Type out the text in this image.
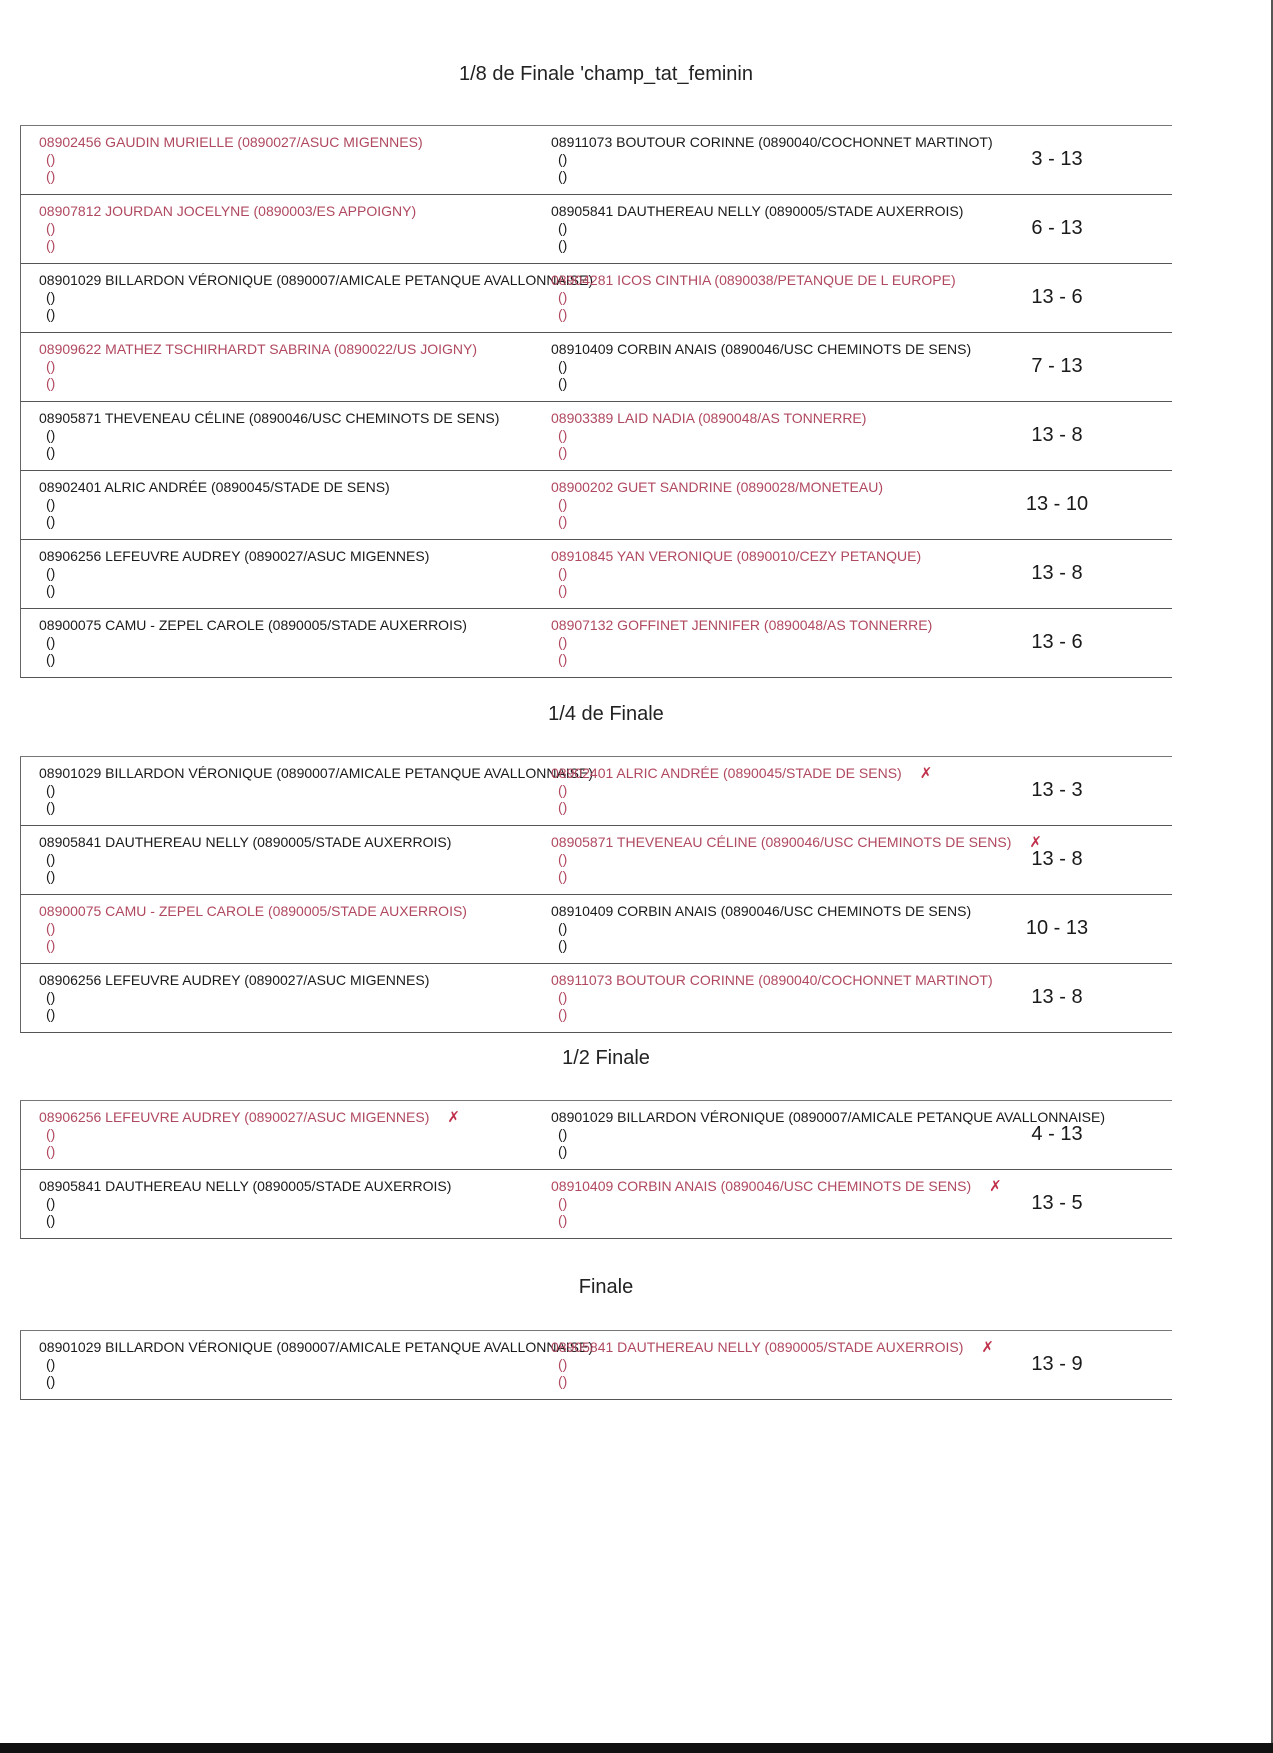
1/8 de Finale 'champ_tat_feminin
08902456 GAUDIN MURIELLE (0890027/ASUC MIGENNES)
()
()
08911073 BOUTOUR CORINNE (0890040/COCHONNET MARTINOT)
()
()
3 - 13
08907812 JOURDAN JOCELYNE (0890003/ES APPOIGNY)
()
()
08905841 DAUTHEREAU NELLY (0890005/STADE AUXERROIS)
()
()
6 - 13
08901029 BILLARDON VÉRONIQUE (0890007/AMICALE PETANQUE AVALLONNAISE)
()
()
08904281 ICOS CINTHIA (0890038/PETANQUE DE L EUROPE)
()
()
13 - 6
08909622 MATHEZ TSCHIRHARDT SABRINA (0890022/US JOIGNY)
()
()
08910409 CORBIN ANAIS (0890046/USC CHEMINOTS DE SENS)
()
()
7 - 13
08905871 THEVENEAU CÉLINE (0890046/USC CHEMINOTS DE SENS)
()
()
08903389 LAID NADIA (0890048/AS TONNERRE)
()
()
13 - 8
08902401 ALRIC ANDRÉE (0890045/STADE DE SENS)
()
()
08900202 GUET SANDRINE (0890028/MONETEAU)
()
()
13 - 10
08906256 LEFEUVRE AUDREY (0890027/ASUC MIGENNES)
()
()
08910845 YAN VERONIQUE (0890010/CEZY PETANQUE)
()
()
13 - 8
08900075 CAMU - ZEPEL CAROLE (0890005/STADE AUXERROIS)
()
()
08907132 GOFFINET JENNIFER (0890048/AS TONNERRE)
()
()
13 - 6
1/4 de Finale
08901029 BILLARDON VÉRONIQUE (0890007/AMICALE PETANQUE AVALLONNAISE)
()
()
08902401 ALRIC ANDRÉE (0890045/STADE DE SENS) ✗
()
()
13 - 3
08905841 DAUTHEREAU NELLY (0890005/STADE AUXERROIS)
()
()
08905871 THEVENEAU CÉLINE (0890046/USC CHEMINOTS DE SENS) ✗
()
()
13 - 8
08900075 CAMU - ZEPEL CAROLE (0890005/STADE AUXERROIS)
()
()
08910409 CORBIN ANAIS (0890046/USC CHEMINOTS DE SENS)
()
()
10 - 13
08906256 LEFEUVRE AUDREY (0890027/ASUC MIGENNES)
()
()
08911073 BOUTOUR CORINNE (0890040/COCHONNET MARTINOT)
()
()
13 - 8
1/2 Finale
08906256 LEFEUVRE AUDREY (0890027/ASUC MIGENNES) ✗
()
()
08901029 BILLARDON VÉRONIQUE (0890007/AMICALE PETANQUE AVALLONNAISE)
()
()
4 - 13
08905841 DAUTHEREAU NELLY (0890005/STADE AUXERROIS)
()
()
08910409 CORBIN ANAIS (0890046/USC CHEMINOTS DE SENS) ✗
()
()
13 - 5
Finale
08901029 BILLARDON VÉRONIQUE (0890007/AMICALE PETANQUE AVALLONNAISE)
()
()
08905841 DAUTHEREAU NELLY (0890005/STADE AUXERROIS) ✗
()
()
13 - 9
